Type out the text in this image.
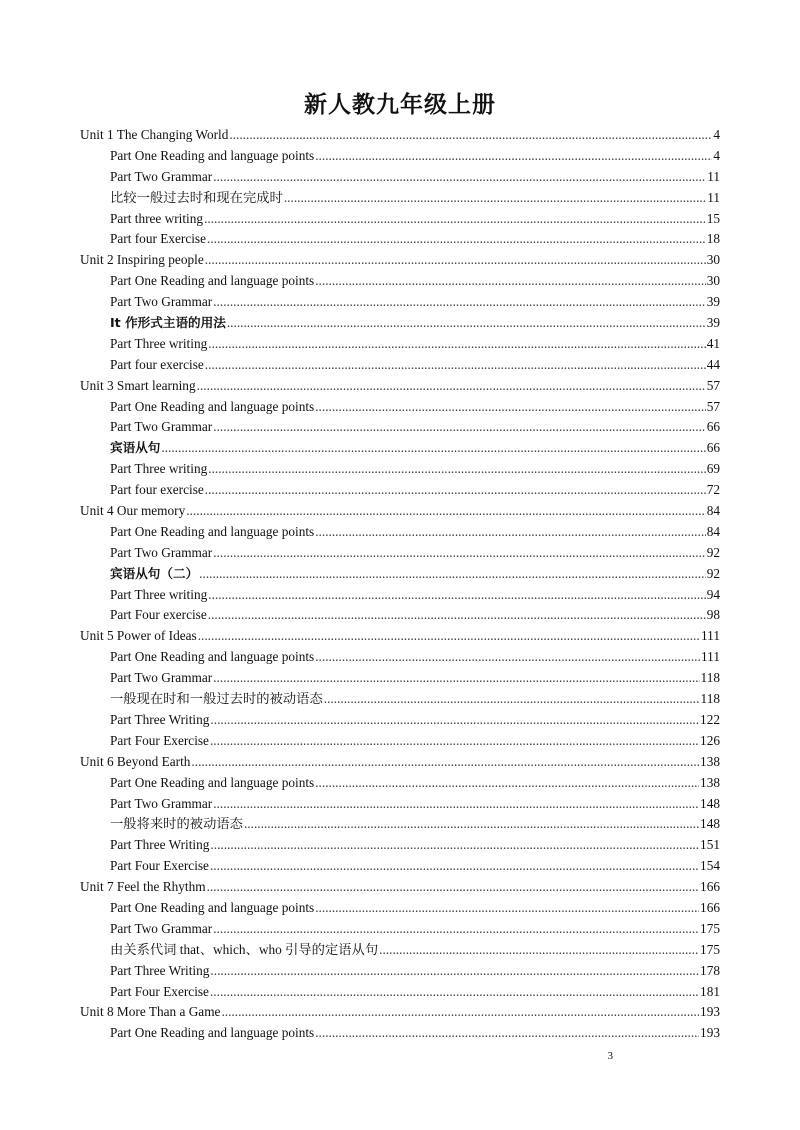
新人教九年级上册
Unit 1 The Changing World .....	4
Part One Reading and language points .....	4
Part Two Grammar .....	11
比较一般过去时和现在完成时 .....	11
Part three writing .....	15
Part four Exercise .....	18
Unit 2 Inspiring people .....	30
Part One Reading and language points .....	30
Part Two Grammar .....	39
It 作形式主语的用法 .....	39
Part Three writing .....	41
Part four exercise .....	44
Unit 3 Smart learning .....	57
Part One Reading and language points .....	57
Part Two Grammar .....	66
宾语从句 .....	66
Part Three writing .....	69
Part four exercise .....	72
Unit 4 Our memory .....	84
Part One Reading and language points .....	84
Part Two Grammar .....	92
宾语从句（二） .....	92
Part Three writing .....	94
Part Four exercise .....	98
Unit 5 Power of Ideas .....	111
Part One Reading and language points .....	111
Part Two Grammar .....	118
一般现在时和一般过去时的被动语态 .....	118
Part Three Writing .....	122
Part Four Exercise .....	126
Unit 6 Beyond Earth .....	138
Part One Reading and language points .....	138
Part Two Grammar .....	148
一般将来时的被动语态 .....	148
Part Three Writing .....	151
Part Four Exercise .....	154
Unit 7 Feel the Rhythm .....	166
Part One Reading and language points .....	166
Part Two Grammar .....	175
由关系代词 that、which、who 引导的定语从句 .....	175
Part Three Writing .....	178
Part Four Exercise .....	181
Unit 8 More Than a Game .....	193
Part One Reading and language points .....	193
3
